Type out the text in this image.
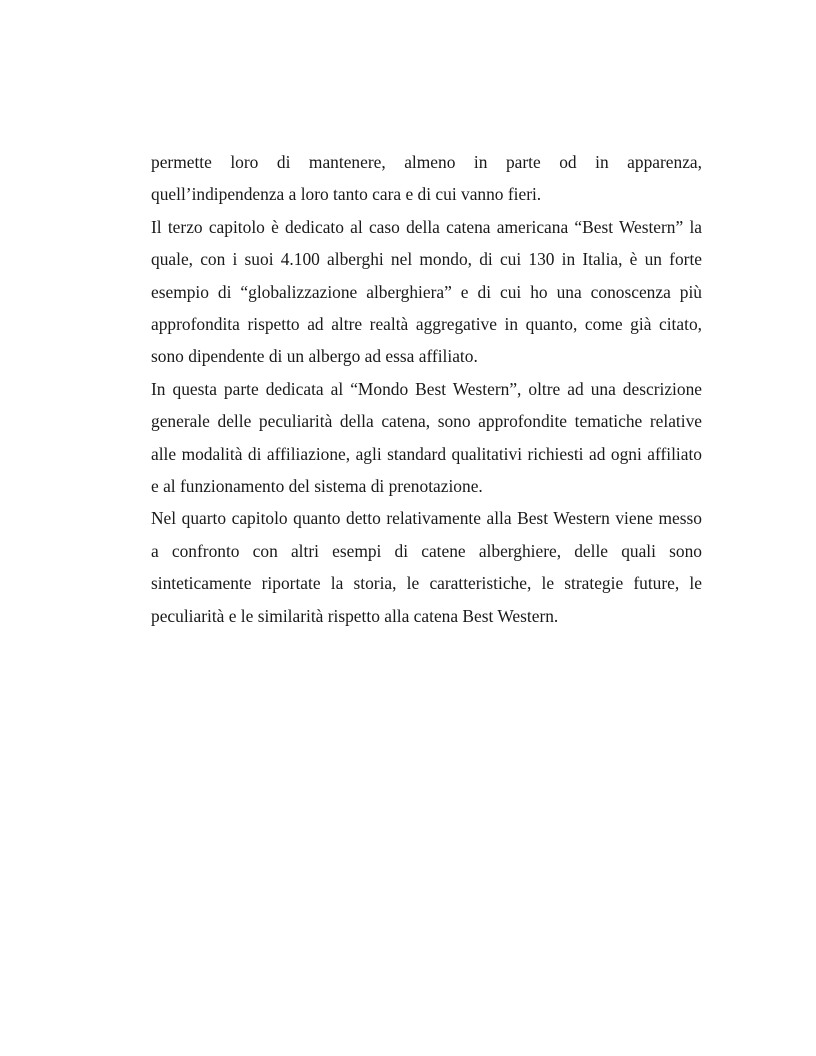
permette loro di mantenere, almeno in parte od in apparenza, quell’indipendenza a loro tanto cara e di cui vanno fieri.

Il terzo capitolo è dedicato al caso della catena americana “Best Western” la quale, con i suoi 4.100 alberghi nel mondo, di cui 130 in Italia, è un forte esempio di “globalizzazione alberghiera” e di cui ho una conoscenza più approfondita rispetto ad altre realtà aggregative in quanto, come già citato, sono dipendente di un albergo ad essa affiliato.

In questa parte dedicata al “Mondo Best Western”, oltre ad una descrizione generale delle peculiarità della catena, sono approfondite tematiche relative alle modalità di affiliazione, agli standard qualitativi richiesti ad ogni affiliato e al funzionamento del sistema di prenotazione.

Nel quarto capitolo quanto detto relativamente alla Best Western viene messo a confronto con altri esempi di catene alberghiere, delle quali sono sinteticamente riportate la storia, le caratteristiche, le strategie future, le peculiarità e le similarità rispetto alla catena Best Western.
